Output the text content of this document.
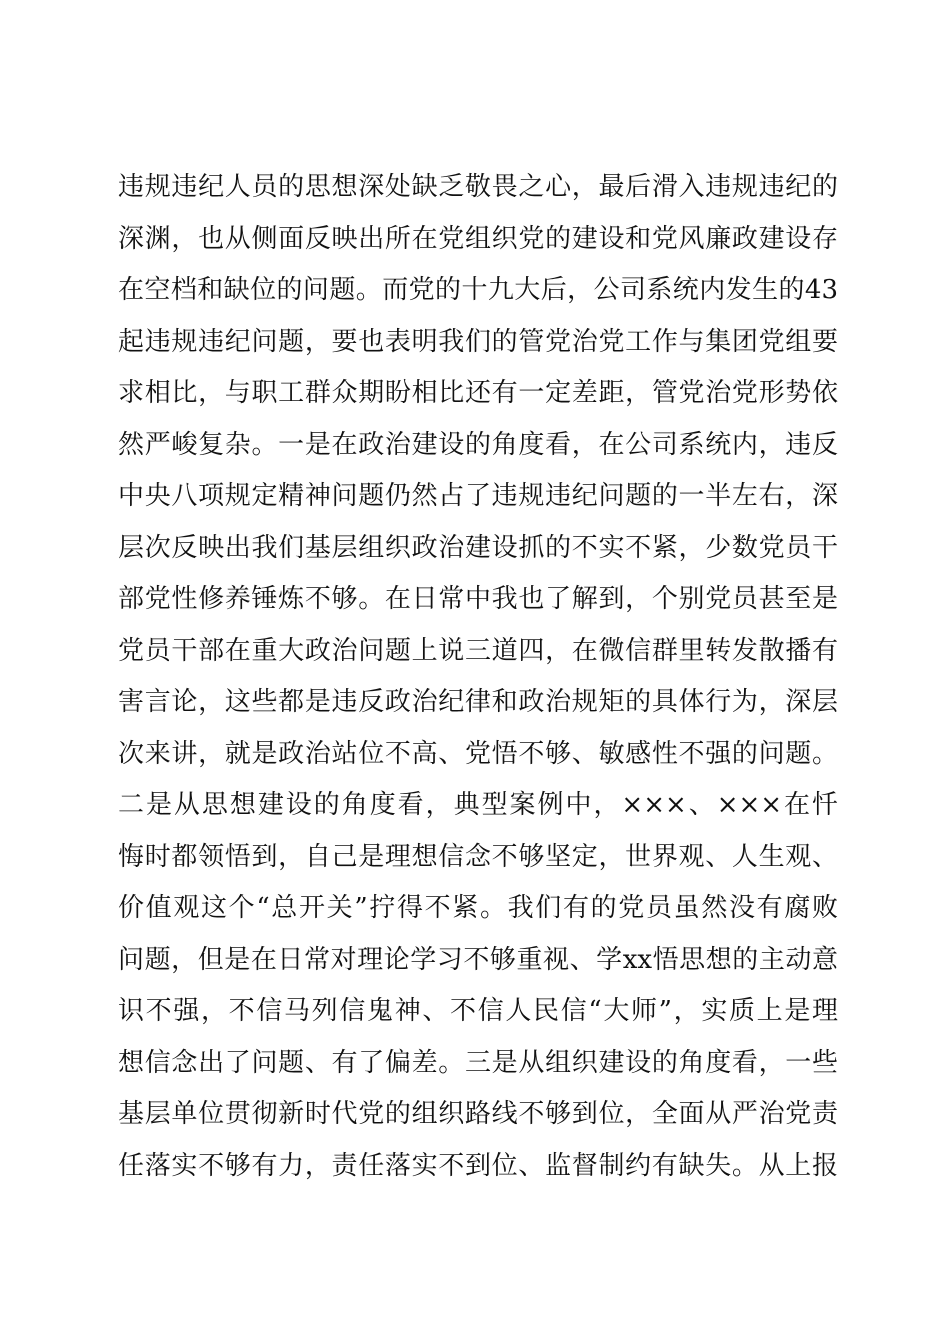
违规违纪人员的思想深处缺乏敬畏之心，最后滑入违规违纪的
深渊，也从侧面反映出所在党组织党的建设和党风廉政建设存
在空档和缺位的问题。而党的十九大后，公司系统内发生的43
起违规违纪问题，要也表明我们的管党治党工作与集团党组要
求相比，与职工群众期盼相比还有一定差距，管党治党形势依
然严峻复杂。一是在政治建设的角度看，在公司系统内，违反
中央八项规定精神问题仍然占了违规违纪问题的一半左右，深
层次反映出我们基层组织政治建设抓的不实不紧，少数党员干
部党性修养锤炼不够。在日常中我也了解到，个别党员甚至是
党员干部在重大政治问题上说三道四，在微信群里转发散播有
害言论，这些都是违反政治纪律和政治规矩的具体行为，深层
次来讲，就是政治站位不高、党悟不够、敏感性不强的问题。
二是从思想建设的角度看，典型案例中，×××、×××在忏
悔时都领悟到，自己是理想信念不够坚定，世界观、人生观、
价值观这个“总开关”拧得不紧。我们有的党员虽然没有腐败
问题，但是在日常对理论学习不够重视、学xx悟思想的主动意
识不强，不信马列信鬼神、不信人民信“大师”，实质上是理
想信念出了问题、有了偏差。三是从组织建设的角度看，一些
基层单位贯彻新时代党的组织路线不够到位，全面从严治党责
任落实不够有力，责任落实不到位、监督制约有缺失。从上报
